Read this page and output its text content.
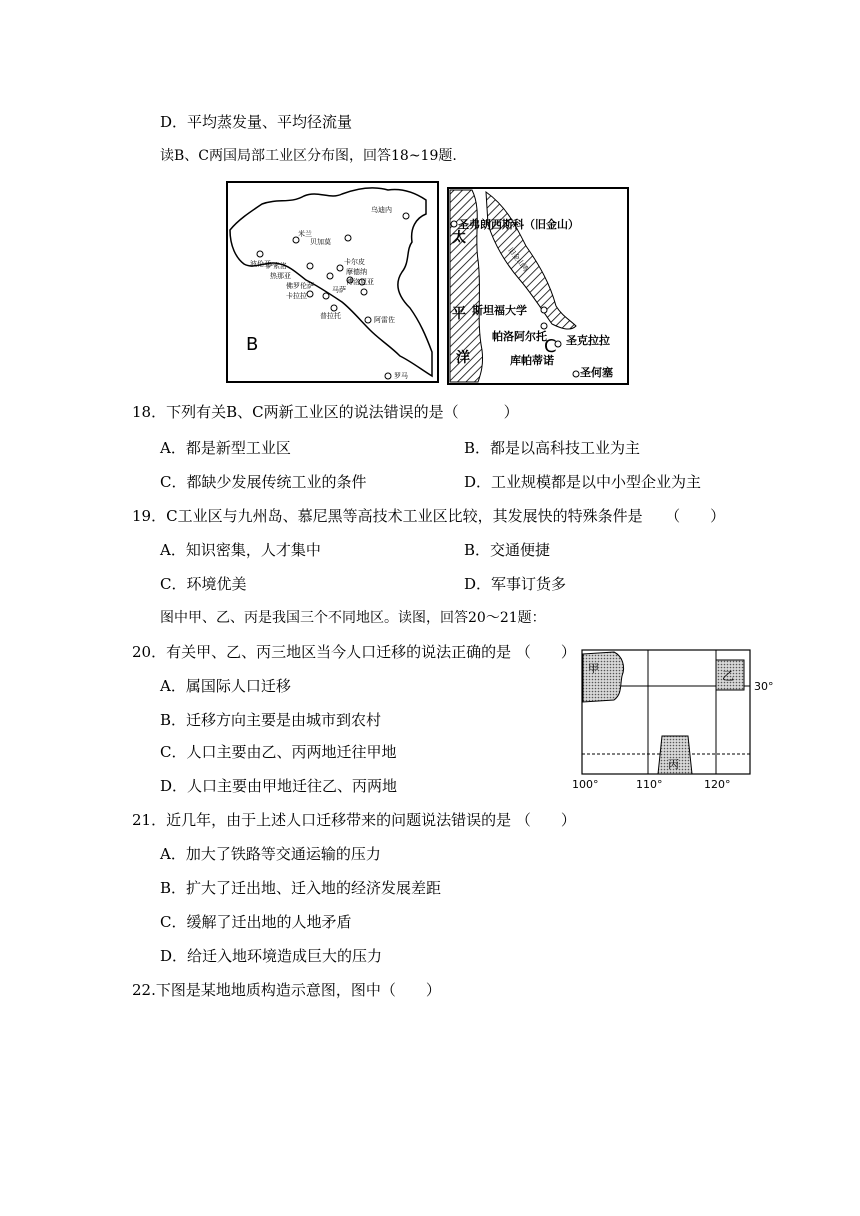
D．平均蒸发量、平均径流量
读B、C两国局部工业区分布图，回答18~19题.
B
乌迪内
米兰
贝加莫
波伦亚
萨索洛	卡尔皮
热那亚
卡拉拉
马萨
普拉托
佛罗伦萨
阿雷佐
罗马
摩德纳
博洛尼亚
太
平
洋
圣弗朗西斯科（旧金山）
斯坦福大学
帕洛阿尔托 圣克拉拉
库帕蒂诺
圣何塞
C
旧金山湾
18．下列有关B、C两新工业区的说法错误的是（　　　）
A．都是新型工业区	B．都是以高科技工业为主
C．都缺少发展传统工业的条件	D．工业规模都是以中小型企业为主
19．C工业区与九州岛、慕尼黑等高技术工业区比较，其发展快的特殊条件是　　（　　）
A．知识密集，人才集中	B．交通便捷
C．环境优美	D．军事订货多
图中甲、乙、丙是我国三个不同地区。读图，回答20～21题：
20．有关甲、乙、丙三地区当今人口迁移的说法正确的是 （　　）
A．属国际人口迁移
B．迁移方向主要是由城市到农村
C．人口主要由乙、丙两地迁往甲地
D．人口主要由甲地迁往乙、丙两地
甲
乙
丙
30°
100°	110°	120°
21．近几年，由于上述人口迁移带来的问题说法错误的是 （　　）
A．加大了铁路等交通运输的压力
B．扩大了迁出地、迁入地的经济发展差距
C．缓解了迁出地的人地矛盾
D．给迁入地环境造成巨大的压力
22.下图是某地地质构造示意图，图中（　　）
